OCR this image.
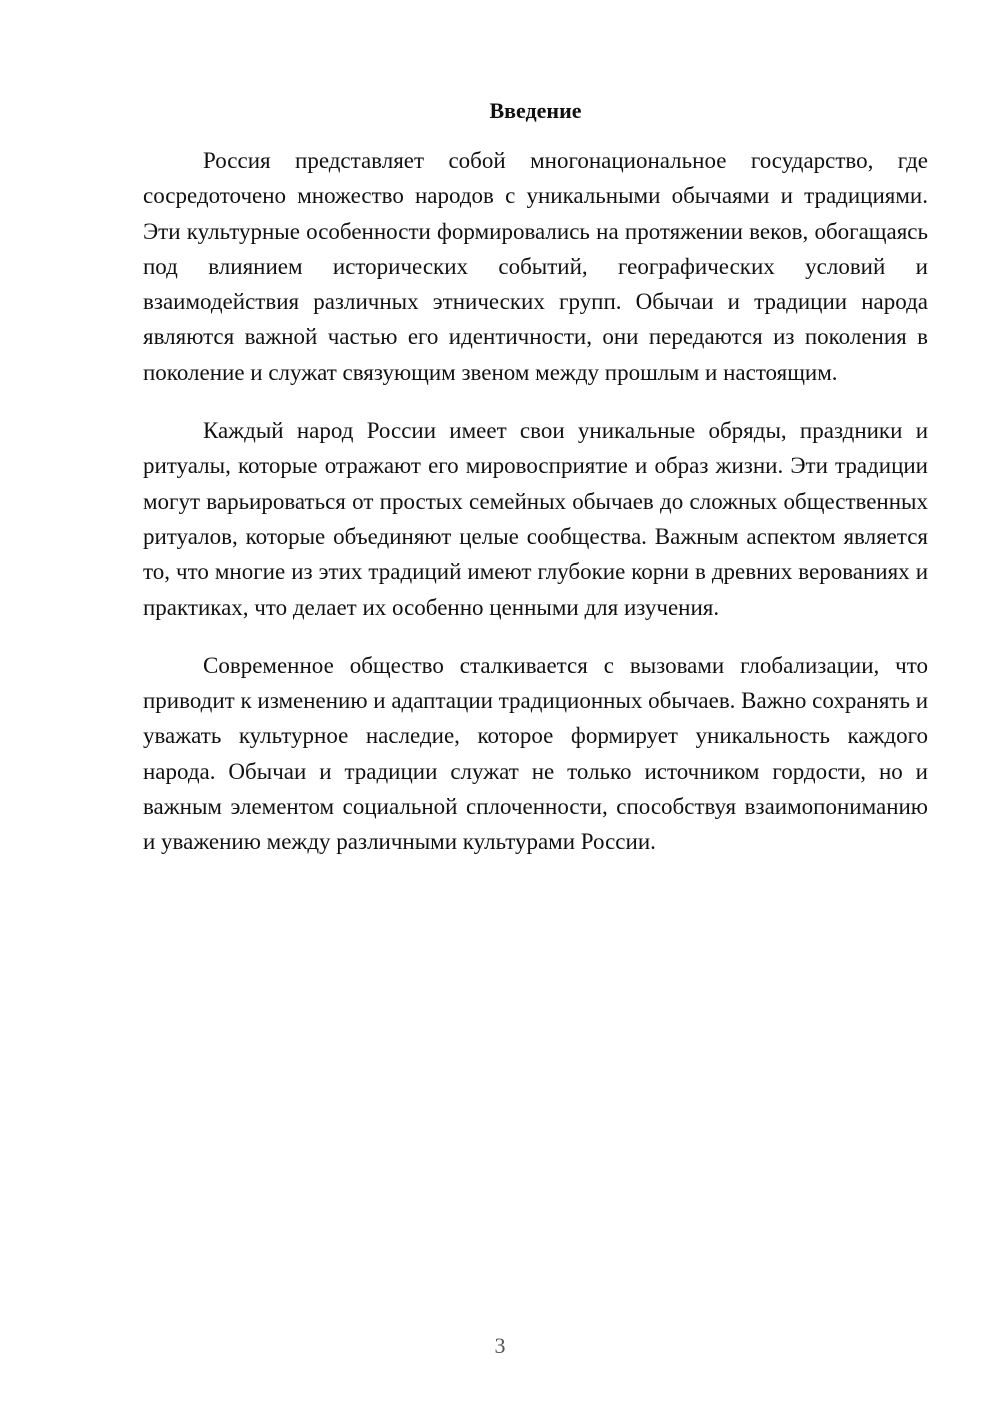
Введение

Россия представляет собой многонациональное государство, где сосредоточено множество народов с уникальными обычаями и традициями. Эти культурные особенности формировались на протяжении веков, обогащаясь под влиянием исторических событий, географических условий и взаимодействия различных этнических групп. Обычаи и традиции народа являются важной частью его идентичности, они передаются из поколения в поколение и служат связующим звеном между прошлым и настоящим.

Каждый народ России имеет свои уникальные обряды, праздники и ритуалы, которые отражают его мировосприятие и образ жизни. Эти традиции могут варьироваться от простых семейных обычаев до сложных общественных ритуалов, которые объединяют целые сообщества. Важным аспектом является то, что многие из этих традиций имеют глубокие корни в древних верованиях и практиках, что делает их особенно ценными для изучения.

Современное общество сталкивается с вызовами глобализации, что приводит к изменению и адаптации традиционных обычаев. Важно сохранять и уважать культурное наследие, которое формирует уникальность каждого народа. Обычаи и традиции служат не только источником гордости, но и важным элементом социальной сплоченности, способствуя взаимопониманию и уважению между различными культурами России.

3
